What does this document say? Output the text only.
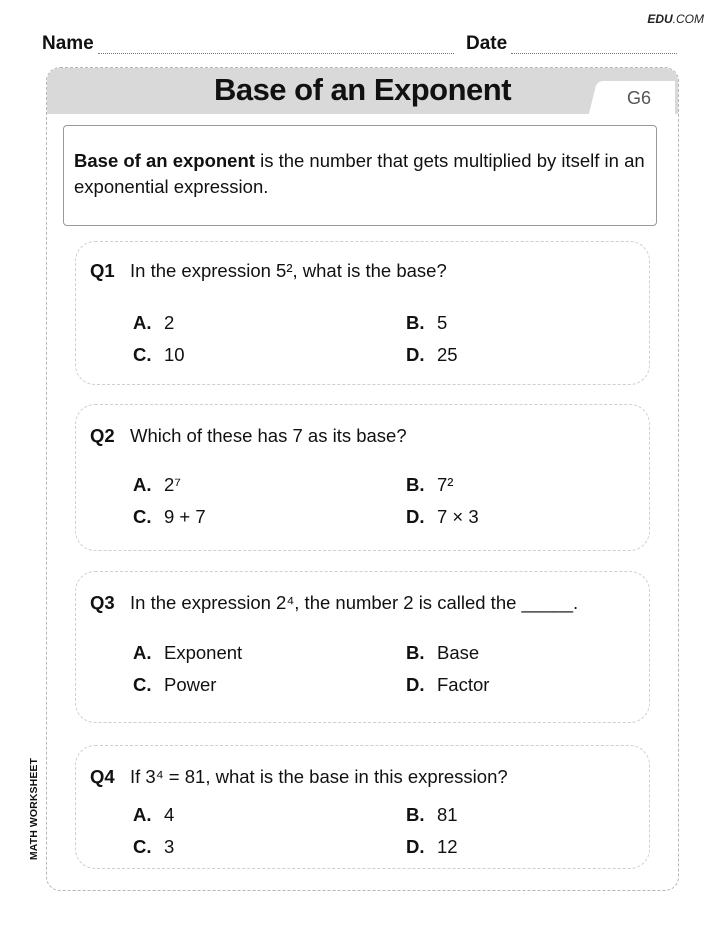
EDU.COM
Name	Date
MATH WORKSHEET
Base of an Exponent	G6
Base of an exponent is the number that gets multiplied by itself in an exponential expression.
Q1 In the expression 5², what is the base?
A. 2	B. 5
C. 10	D. 25
Q2 Which of these has 7 as its base?
A. 2⁷	B. 7²
C. 9 + 7	D. 7 × 3
Q3 In the expression 2⁴, the number 2 is called the _____.
A. Exponent	B. Base
C. Power	D. Factor
Q4 If 3⁴ = 81, what is the base in this expression?
A. 4	B. 81
C. 3	D. 12
